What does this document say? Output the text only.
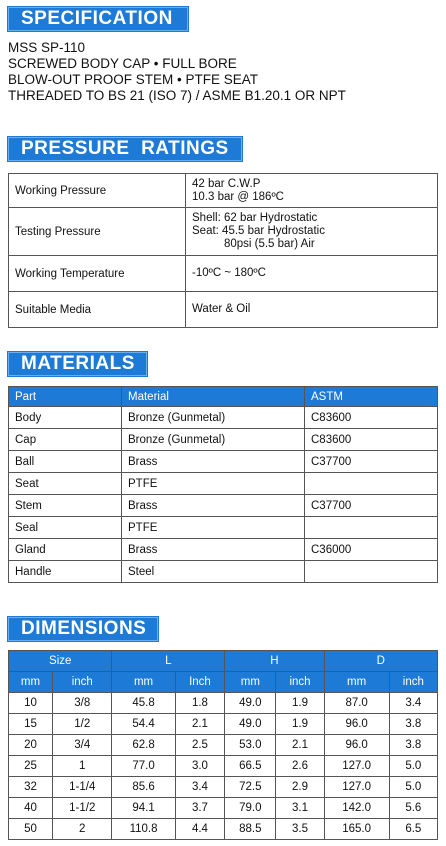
SPECIFICATION
MSS SP-110
SCREWED BODY CAP • FULL BORE
BLOW-OUT PROOF STEM • PTFE SEAT
THREADED TO BS 21 (ISO 7) / ASME B1.20.1 OR NPT
PRESSURE  RATINGS
Working Pressure	42 bar C.W.P
10.3 bar @ 186ºC
Testing Pressure	Shell: 62 bar Hydrostatic
Seat: 45.5 bar Hydrostatic
80psi (5.5 bar) Air
Working Temperature	-10ºC ~ 180ºC
Suitable Media	Water & Oil
MATERIALS
Part	Material	ASTM
Body	Bronze (Gunmetal)	C83600
Cap	Bronze (Gunmetal)	C83600
Ball	Brass	C37700
Seat	PTFE	
Stem	Brass	C37700
Seal	PTFE	
Gland	Brass	C36000
Handle	Steel	
DIMENSIONS
Size		L		H		D	
mm	inch	mm	Inch	mm	inch	mm	inch
10	3/8	45.8	1.8	49.0	1.9	87.0	3.4
15	1/2	54.4	2.1	49.0	1.9	96.0	3.8
20	3/4	62.8	2.5	53.0	2.1	96.0	3.8
25	1	77.0	3.0	66.5	2.6	127.0	5.0
32	1-1/4	85.6	3.4	72.5	2.9	127.0	5.0
40	1-1/2	94.1	3.7	79.0	3.1	142.0	5.6
50	2	110.8	4.4	88.5	3.5	165.0	6.5
